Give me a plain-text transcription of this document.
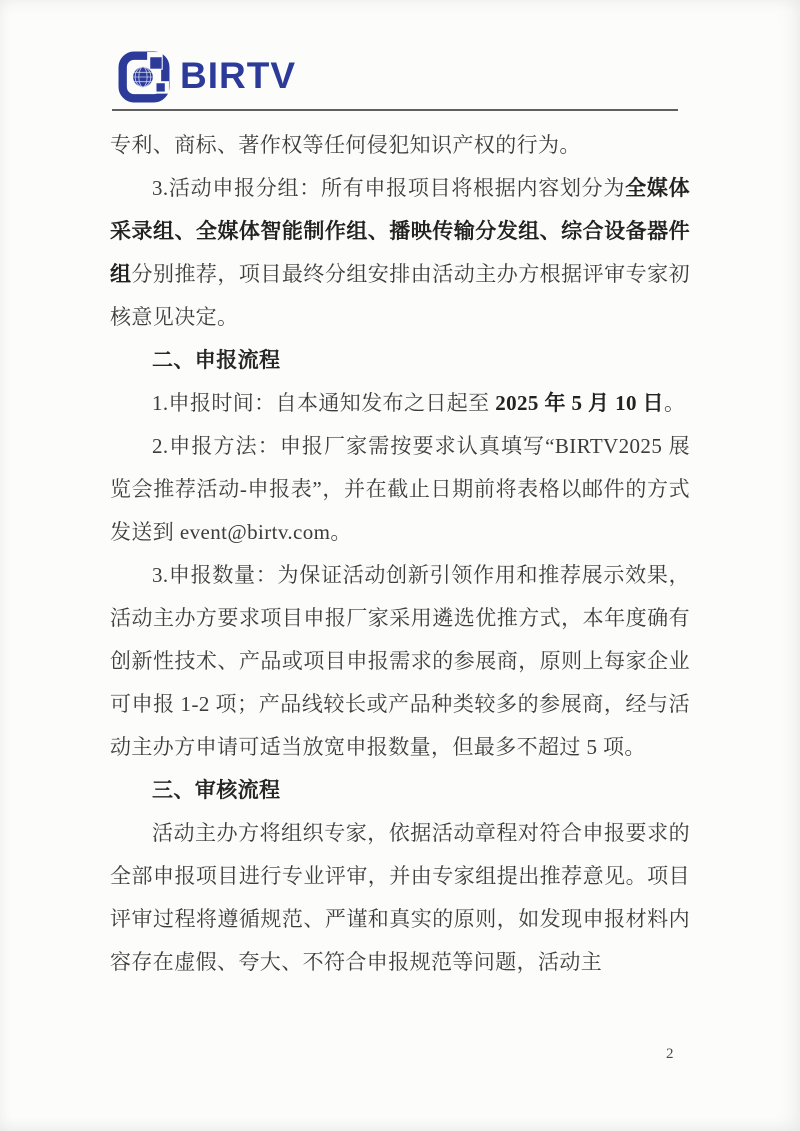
BIRTV

专利、商标、著作权等任何侵犯知识产权的行为。

3.活动申报分组：所有申报项目将根据内容划分为全媒体采录组、全媒体智能制作组、播映传输分发组、综合设备器件组分别推荐，项目最终分组安排由活动主办方根据评审专家初核意见决定。

二、申报流程

1.申报时间：自本通知发布之日起至 2025 年 5 月 10 日。

2.申报方法：申报厂家需按要求认真填写“BIRTV2025 展览会推荐活动-申报表”，并在截止日期前将表格以邮件的方式发送到 event@birtv.com。

3.申报数量：为保证活动创新引领作用和推荐展示效果，活动主办方要求项目申报厂家采用遴选优推方式，本年度确有创新性技术、产品或项目申报需求的参展商，原则上每家企业可申报 1-2 项；产品线较长或产品种类较多的参展商，经与活动主办方申请可适当放宽申报数量，但最多不超过 5 项。

三、审核流程

活动主办方将组织专家，依据活动章程对符合申报要求的全部申报项目进行专业评审，并由专家组提出推荐意见。项目评审过程将遵循规范、严谨和真实的原则，如发现申报材料内容存在虚假、夸大、不符合申报规范等问题，活动主

2
